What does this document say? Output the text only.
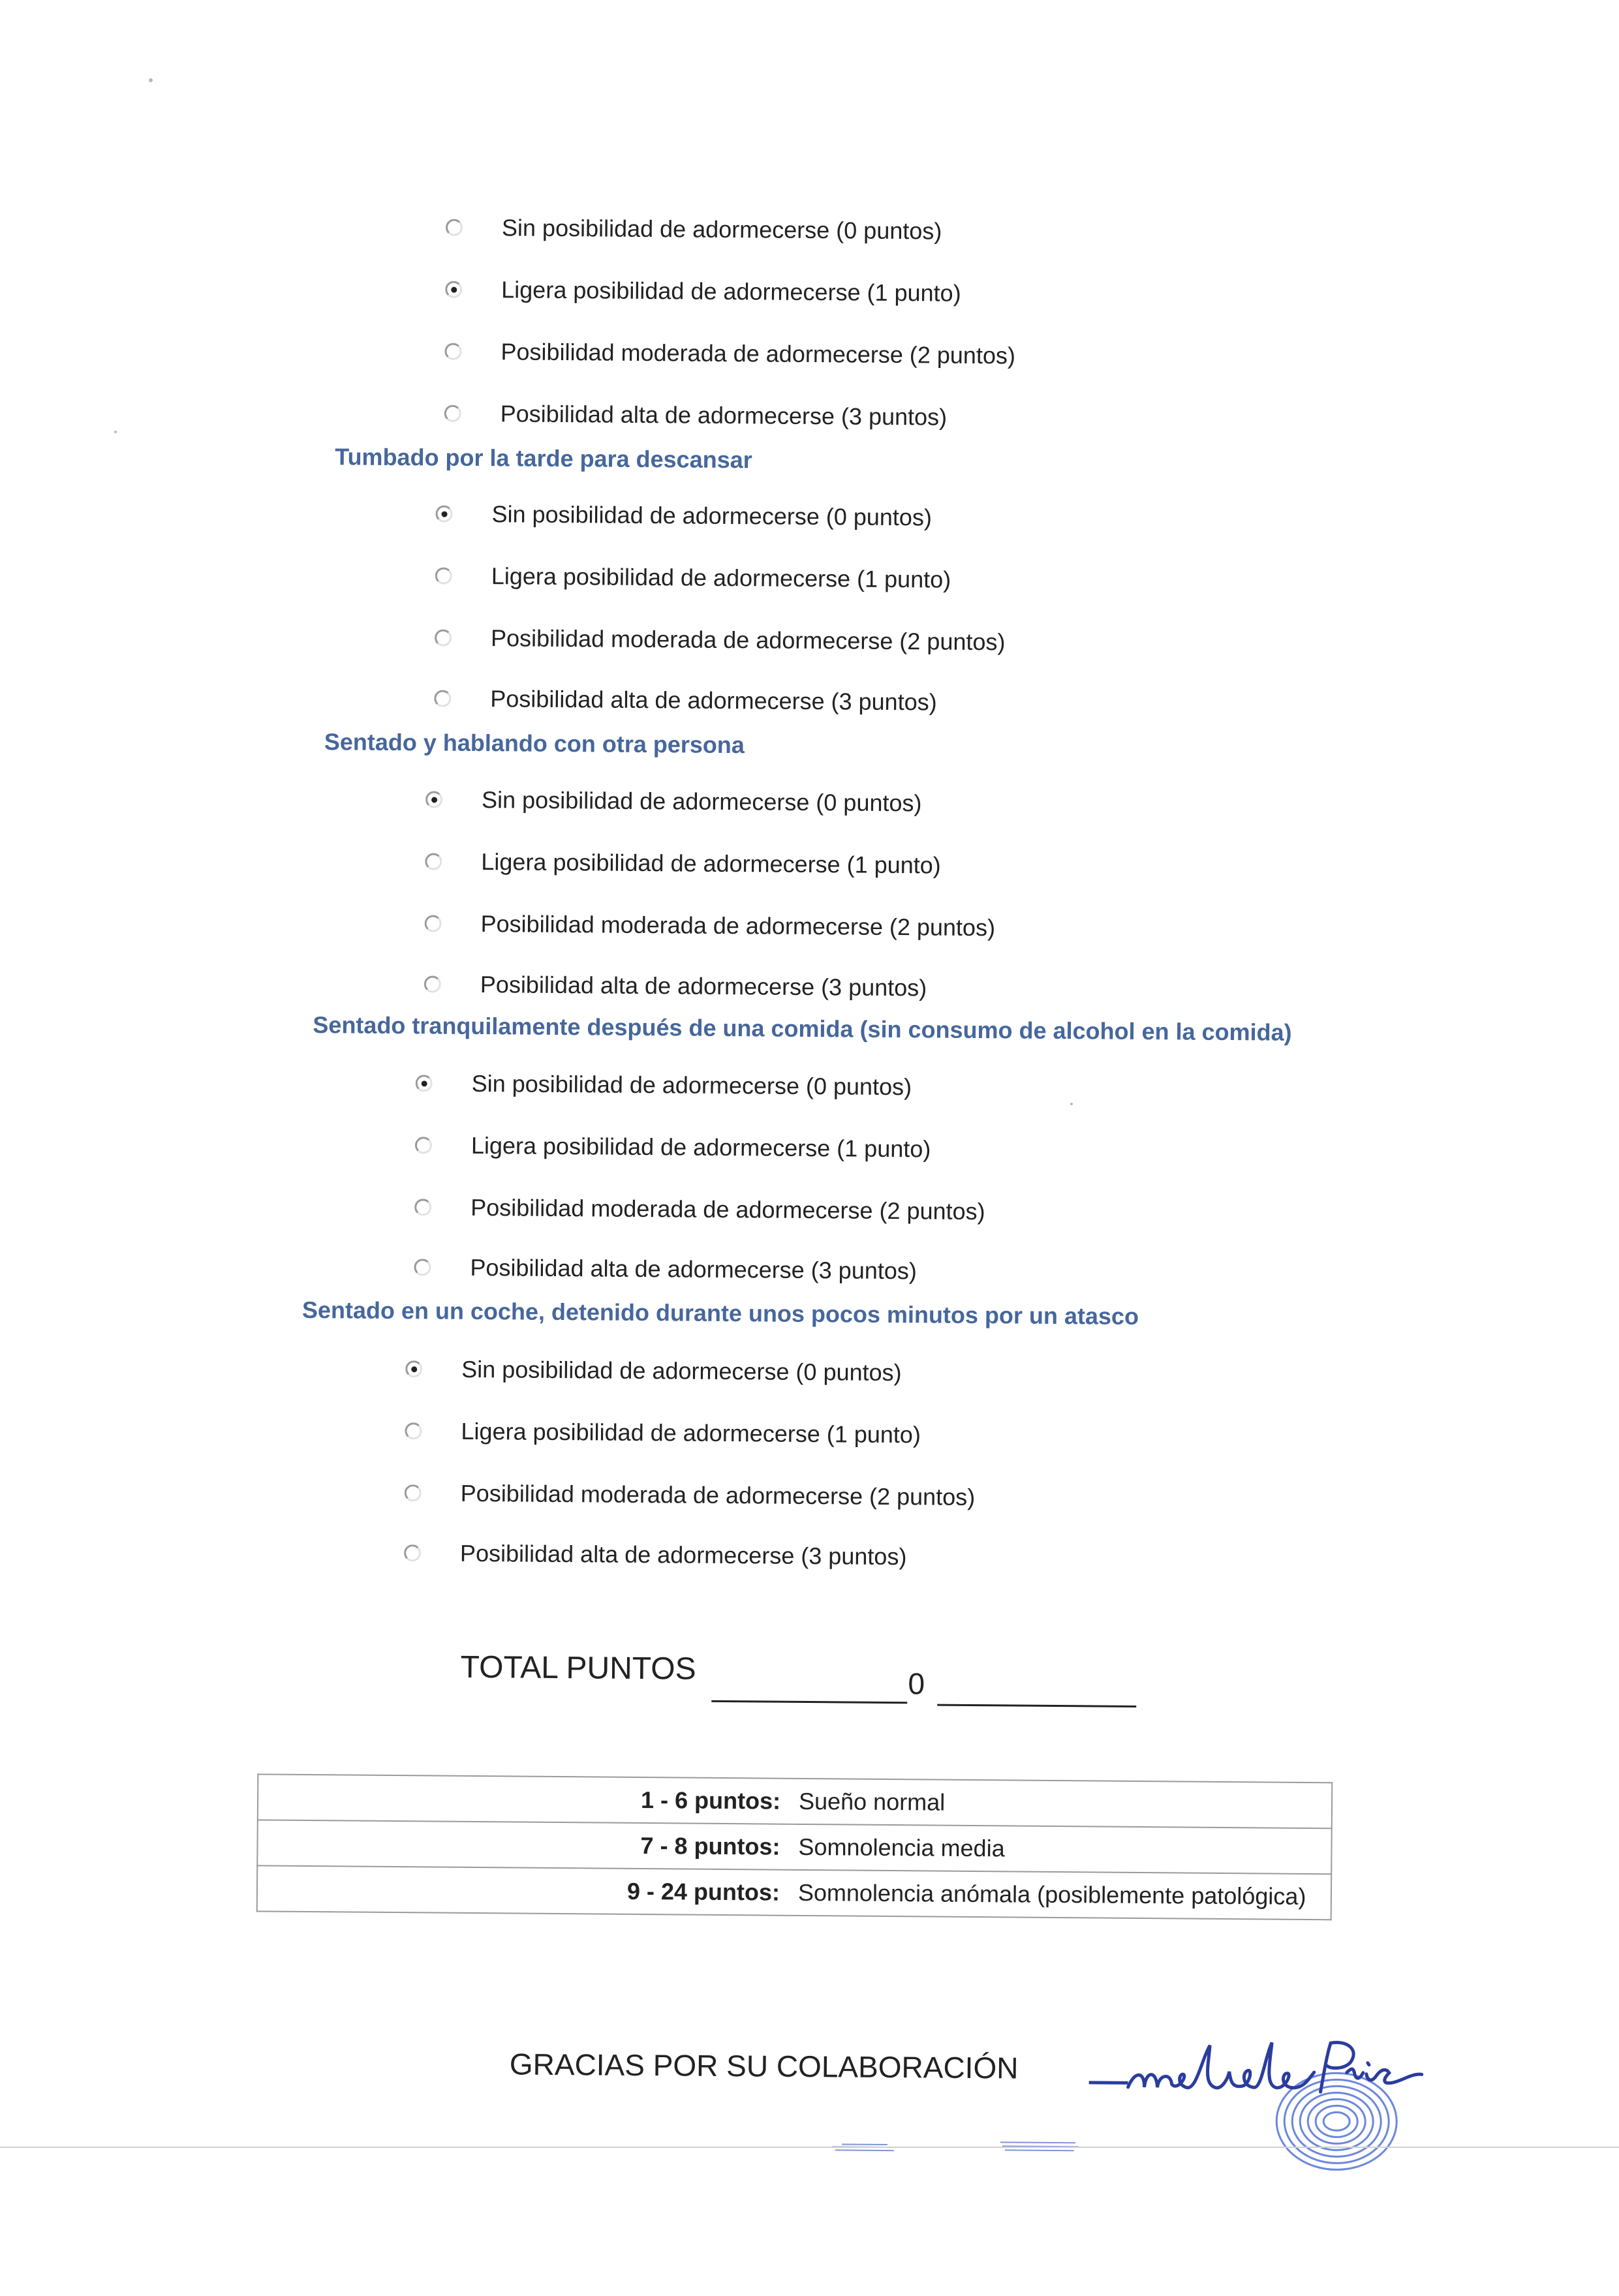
Sin posibilidad de adormecerse (0 puntos)
Ligera posibilidad de adormecerse (1 punto)
Posibilidad moderada de adormecerse (2 puntos)
Posibilidad alta de adormecerse (3 puntos)
Tumbado por la tarde para descansar
Sin posibilidad de adormecerse (0 puntos)
Ligera posibilidad de adormecerse (1 punto)
Posibilidad moderada de adormecerse (2 puntos)
Posibilidad alta de adormecerse (3 puntos)
Sentado y hablando con otra persona
Sin posibilidad de adormecerse (0 puntos)
Ligera posibilidad de adormecerse (1 punto)
Posibilidad moderada de adormecerse (2 puntos)
Posibilidad alta de adormecerse (3 puntos)
Sentado tranquilamente después de una comida (sin consumo de alcohol en la comida)
Sin posibilidad de adormecerse (0 puntos)
Ligera posibilidad de adormecerse (1 punto)
Posibilidad moderada de adormecerse (2 puntos)
Posibilidad alta de adormecerse (3 puntos)
Sentado en un coche, detenido durante unos pocos minutos por un atasco
Sin posibilidad de adormecerse (0 puntos)
Ligera posibilidad de adormecerse (1 punto)
Posibilidad moderada de adormecerse (2 puntos)
Posibilidad alta de adormecerse (3 puntos)
TOTAL PUNTOS	0
1 - 6 puntos:	Sueño normal
7 - 8 puntos:	Somnolencia media
9 - 24 puntos:	Somnolencia anómala (posiblemente patológica)
GRACIAS POR SU COLABORACIÓN
